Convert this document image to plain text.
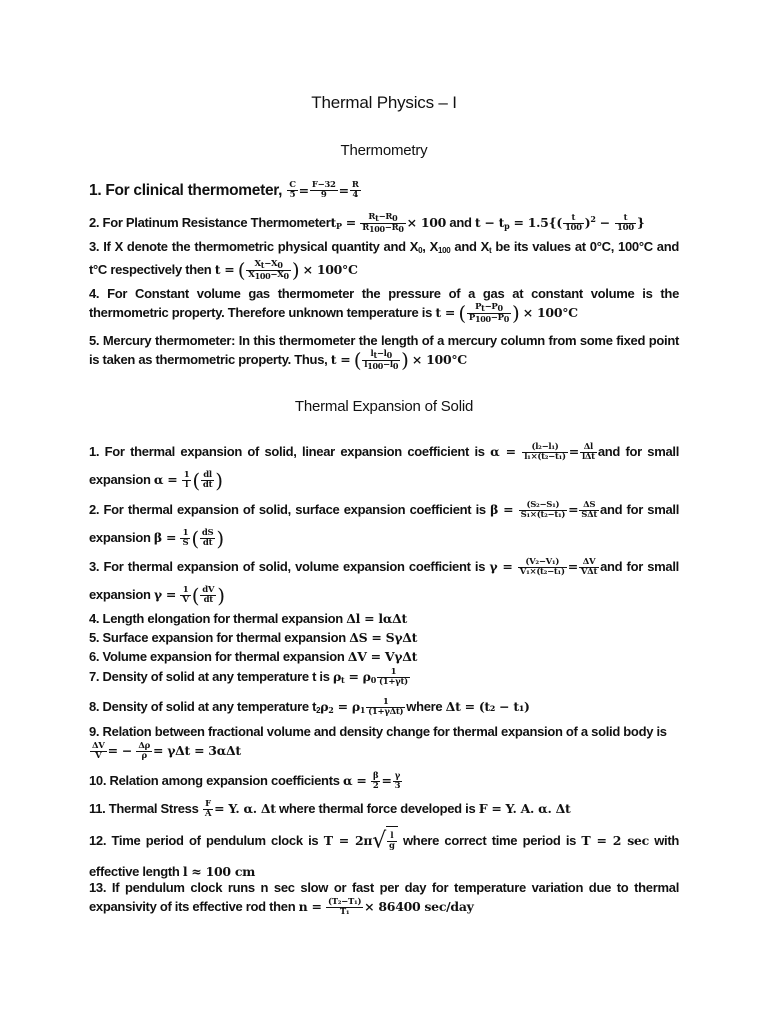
Thermal Physics – I
Thermometry
1. For clinical thermometer, $\frac{C}{5} = \frac{F-32}{9} = \frac{R}{4}$
2. For Platinum Resistance Thermometert$_P$ = $\frac{Rt-R0}{R100-R0} \times 100$ and $t - t_p = 1.5\{( \frac{t}{100} )^2 - \frac{t}{100}$ }
3. If X denote the thermometric physical quantity and $X_0$, $X_{100}$ and $X_t$ be its values at 0°C, 100°C and t°C respectively then t = ( $\frac{Xt-X0}{X100-X0}$ ) × 100°C
4. For Constant volume gas thermometer the pressure of a gas at constant volume is the thermometric property. Therefore unknown temperature is t = ( $\frac{Pt-P0}{P100-P0}$ ) × 100°C
5. Mercury thermometer: In this thermometer the length of a mercury column from some fixed point is taken as thermometric property. Thus, t = ( $\frac{lt-l0}{l100-l0}$ ) × 100°C
Thermal Expansion of Solid
1. For thermal expansion of solid, linear expansion coefficient is $\alpha = \frac{\text{(l₂−l₁)}}{\text{l₁×(t₂−t₁)}} = \frac{\Delta l}{\text{lΔt}}$ and for small expansion $\alpha = \frac{1}{l}$ ( $\frac{dl}{dt}$ )
2. For thermal expansion of solid, surface expansion coefficient is $\beta = \frac{\text{(S₂−S₁)}}{\text{S₁×(t₂−t₁)}} = \frac{\Delta S}{\text{SΔt}}$ and for small expansion $\beta = \frac{1}{S}$ ( $\frac{dS}{dt}$ )
3. For thermal expansion of solid, volume expansion coefficient is $\gamma = \frac{\text{(V₂−V₁)}}{\text{V₁×(t₂−t₁)}} = \frac{\Delta V}{\text{VΔt}}$ and for small expansion $\gamma = \frac{1}{V}$ ( $\frac{dV}{dt}$ )
4. Length elongation for thermal expansion Δl = lαΔt
5. Surface expansion for thermal expansion ΔS = SγΔt
6. Volume expansion for thermal expansion ΔV = VγΔt
7. Density of solid at any temperature t is $\rho_t = \rho_0 \frac{1}{(1+\gamma t)}$
8. Density of solid at any temperature $t_2\rho_2 = \rho_1 \frac{1}{\text{(1+γΔt)}}$ where Δt = (t₂ − t₁)
9. Relation between fractional volume and density change for thermal expansion of a solid body is

$\frac{\Delta V}{V}$ = − $\frac{\Delta\rho}{\rho} = \gamma\Delta t = 3\alpha\Delta t$
10. Relation among expansion coefficients $\alpha = \frac{\beta}{2} = \frac{\gamma}{3}$
11. Thermal Stress $\frac{F}{A} = Y$. α. Δt where thermal force developed is F = Y. A. α. Δt
12. Time period of pendulum clock is $T = 2\pi√ \frac{l}{g}$ where correct time period is T = 2 sec with effective length l ≈ 100 cm
13. If pendulum clock runs n sec slow or fast per day for temperature variation due to thermal expansivity of its effective rod then $n = \frac{\text{(T₂−T₁)}}{\text{T₁}} \times 86400$ sec/day
